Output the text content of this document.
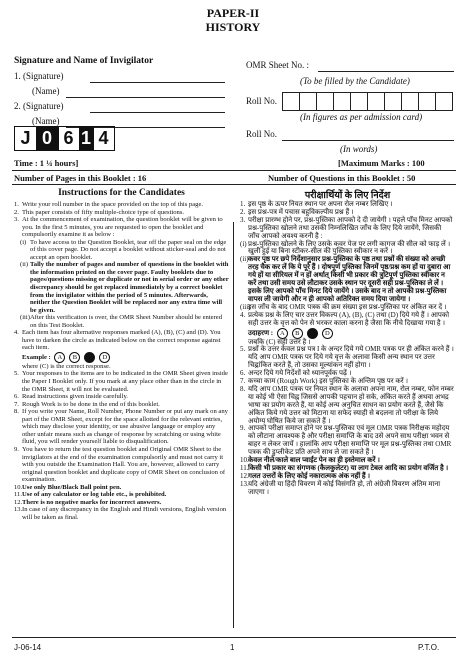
PAPER-II
HISTORY
Signature and Name of Invigilator
1. (Signature)
(Name)
2. (Signature)
(Name)
OMR Sheet No. :
(To be filled by the Candidate)
Roll No.
(In figures as per admission card)
Roll No.
(In words)
J 0 6 1 4
Time : 1 ¼ hours]	[Maximum Marks : 100
Number of Pages in this Booklet : 16	Number of Questions in this Booklet : 50
Instructions for the Candidates

1. Write your roll number in the space provided on the top of this page.

2. This paper consists of fifty multiple-choice type of questions.

3. At the commencement of examination, the question booklet will be given to you. In the first 5 minutes, you are requested to open the booklet and compulsorily examine it as below :

(i) To have access to the Question Booklet, tear off the paper seal on the edge of this cover page. Do not accept a booklet without sticker-seal and do not accept an open booklet.

(ii) Tally the number of pages and number of questions in the booklet with the information printed on the cover page. Faulty booklets due to pages/questions missing or duplicate or not in serial order or any other discrepancy should be got replaced immediately by a correct booklet from the invigilator within the period of 5 minutes. Afterwards, neither the Question Booklet will be replaced nor any extra time will be given.

(iii) After this verification is over, the OMR Sheet Number should be entered on this Test Booklet.

4. Each item has four alternative responses marked (A), (B), (C) and (D). You have to darken the circle as indicated below on the correct response against each item.

Example : A B C D

where (C) is the correct response.

5. Your responses to the items are to be indicated in the OMR Sheet given inside the Paper I Booklet only. If you mark at any place other than in the circle in the OMR Sheet, it will not be evaluated.

6. Read instructions given inside carefully.

7. Rough Work is to be done in the end of this booklet.

8. If you write your Name, Roll Number, Phone Number or put any mark on any part of the OMR Sheet, except for the space allotted for the relevant entries, which may disclose your identity, or use abusive language or employ any other unfair means such as change of response by scratching or using white fluid, you will render yourself liable to disqualification.

9. You have to return the test question booklet and Original OMR Sheet to the invigilators at the end of the examination compulsorily and must not carry it with you outside the Examination Hall. You are, however, allowed to carry original question booklet and duplicate copy of OMR Sheet on conclusion of examination.

10. Use only Blue/Black Ball point pen.

11. Use of any calculator or log table etc., is prohibited.

12. There is no negative marks for incorrect answers.

13. In case of any discrepancy in the English and Hindi versions, English version will be taken as final.

परीक्षार्थियों के लिए निर्देश

1. इस पृष्ठ के ऊपर नियत स्थान पर अपना रोल नम्बर लिखिए ।

2. इस प्रश्न-पत्र में पचास बहुविकल्पीय प्रश्न हैं ।

3. परीक्षा प्रारम्भ होने पर, प्रश्न-पुस्तिका आपको दे दी जायेगी । पहले पाँच मिनट आपको प्रश्न-पुस्तिका खोलने तथा उसकी निम्नलिखित जाँच के लिए दिये जायेंगे, जिसकी जाँच आपको अवश्य करनी है :

(i) प्रश्न-पुस्तिका खोलने के लिए उसके कवर पेज पर लगी कागज की सील को फाड़ लें । खुली हुई या बिना स्टीकर-सील की पुस्तिका स्वीकार न करें ।

(ii) कवर पृष्ठ पर छपे निर्देशानुसार प्रश्न-पुस्तिका के पृष्ठ तथा प्रश्नों की संख्या को अच्छी तरह चैक कर लें कि ये पूरे हैं । दोषपूर्ण पुस्तिका जिनमें पृष्ठ/प्रश्न कम हों या दुबारा आ गये हों या सीरियल में न हों अर्थात् किसी भी प्रकार की त्रुटिपूर्ण पुस्तिका स्वीकार न करें तथा उसी समय उसे लौटाकर उसके स्थान पर दूसरी सही प्रश्न-पुस्तिका ले लें । इसके लिए आपको पाँच मिनट दिये जायेंगे । उसके बाद न तो आपकी प्रश्न-पुस्तिका वापस ली जायेगी और न ही आपको अतिरिक्त समय दिया जायेगा ।

(iii)
इस जाँच के बाद OMR पत्रक की क्रम संख्या इस प्रश्न-पुस्तिका पर अंकित कर दें ।

4. प्रत्येक प्रश्न के लिए चार उत्तर विकल्प (A), (B), (C) तथा (D) दिये गये हैं । आपको सही उत्तर के वृत्त को पेन से भरकर काला करना है जैसा कि नीचे दिखाया गया है ।

उदाहरण : A B C D

जबकि (C) सही उत्तर है ।

5. प्रश्नों के उत्तर केवल प्रश्न पत्र I के अन्दर दिये गये OMR पत्रक पर ही अंकित करने हैं । यदि आप OMR पत्रक पर दिये गये वृत्त के अलावा किसी अन्य स्थान पर उत्तर चिह्नांकित करते हैं, तो उसका मूल्यांकन नहीं होगा ।

6. अन्दर दिये गये निर्देशों को ध्यानपूर्वक पढ़ें ।

7. कच्चा काम (Rough Work) इस पुस्तिका के अन्तिम पृष्ठ पर करें ।

8. यदि आप OMR पत्रक पर नियत स्थान के अलावा अपना नाम, रोल नम्बर, फोन नम्बर या कोई भी ऐसा चिह्न जिससे आपकी पहचान हो सके, अंकित करते हैं अथवा अभद्र भाषा का प्रयोग करते हैं, या कोई अन्य अनुचित साधन का प्रयोग करते हैं, जैसे कि अंकित किये गये उत्तर को मिटाना या सफेद स्याही से बदलना तो परीक्षा के लिये अयोग्य घोषित किये जा सकते हैं ।

9. आपको परीक्षा समाप्त होने पर प्रश्न-पुस्तिका एवं मूल OMR पत्रक निरीक्षक महोदय को लौटाना आवश्यक है और परीक्षा समाप्ति के बाद उसे अपने साथ परीक्षा भवन से बाहर न लेकर जायें । हालांकि आप परीक्षा समाप्ति पर मूल प्रश्न-पुस्तिका तथा OMR पत्रक की डुप्लीकेट प्रति अपने साथ ले जा सकते हैं ।

10. केवल नीले/काले बाल प्वाईंट पेन का ही इस्तेमाल करें ।

11. किसी भी प्रकार का संगणक (कैलकुलेटर) या लाग टेबल आदि का प्रयोग वर्जित है ।

12. गलत उत्तरों के लिए कोई नकारात्मक अंक नहीं हैं ।

13. यदि अंग्रेजी या हिंदी विवरण में कोई विसंगति हो, तो अंग्रेजी विवरण अंतिम माना जाएगा ।

J-06-14	1	P.T.O.
